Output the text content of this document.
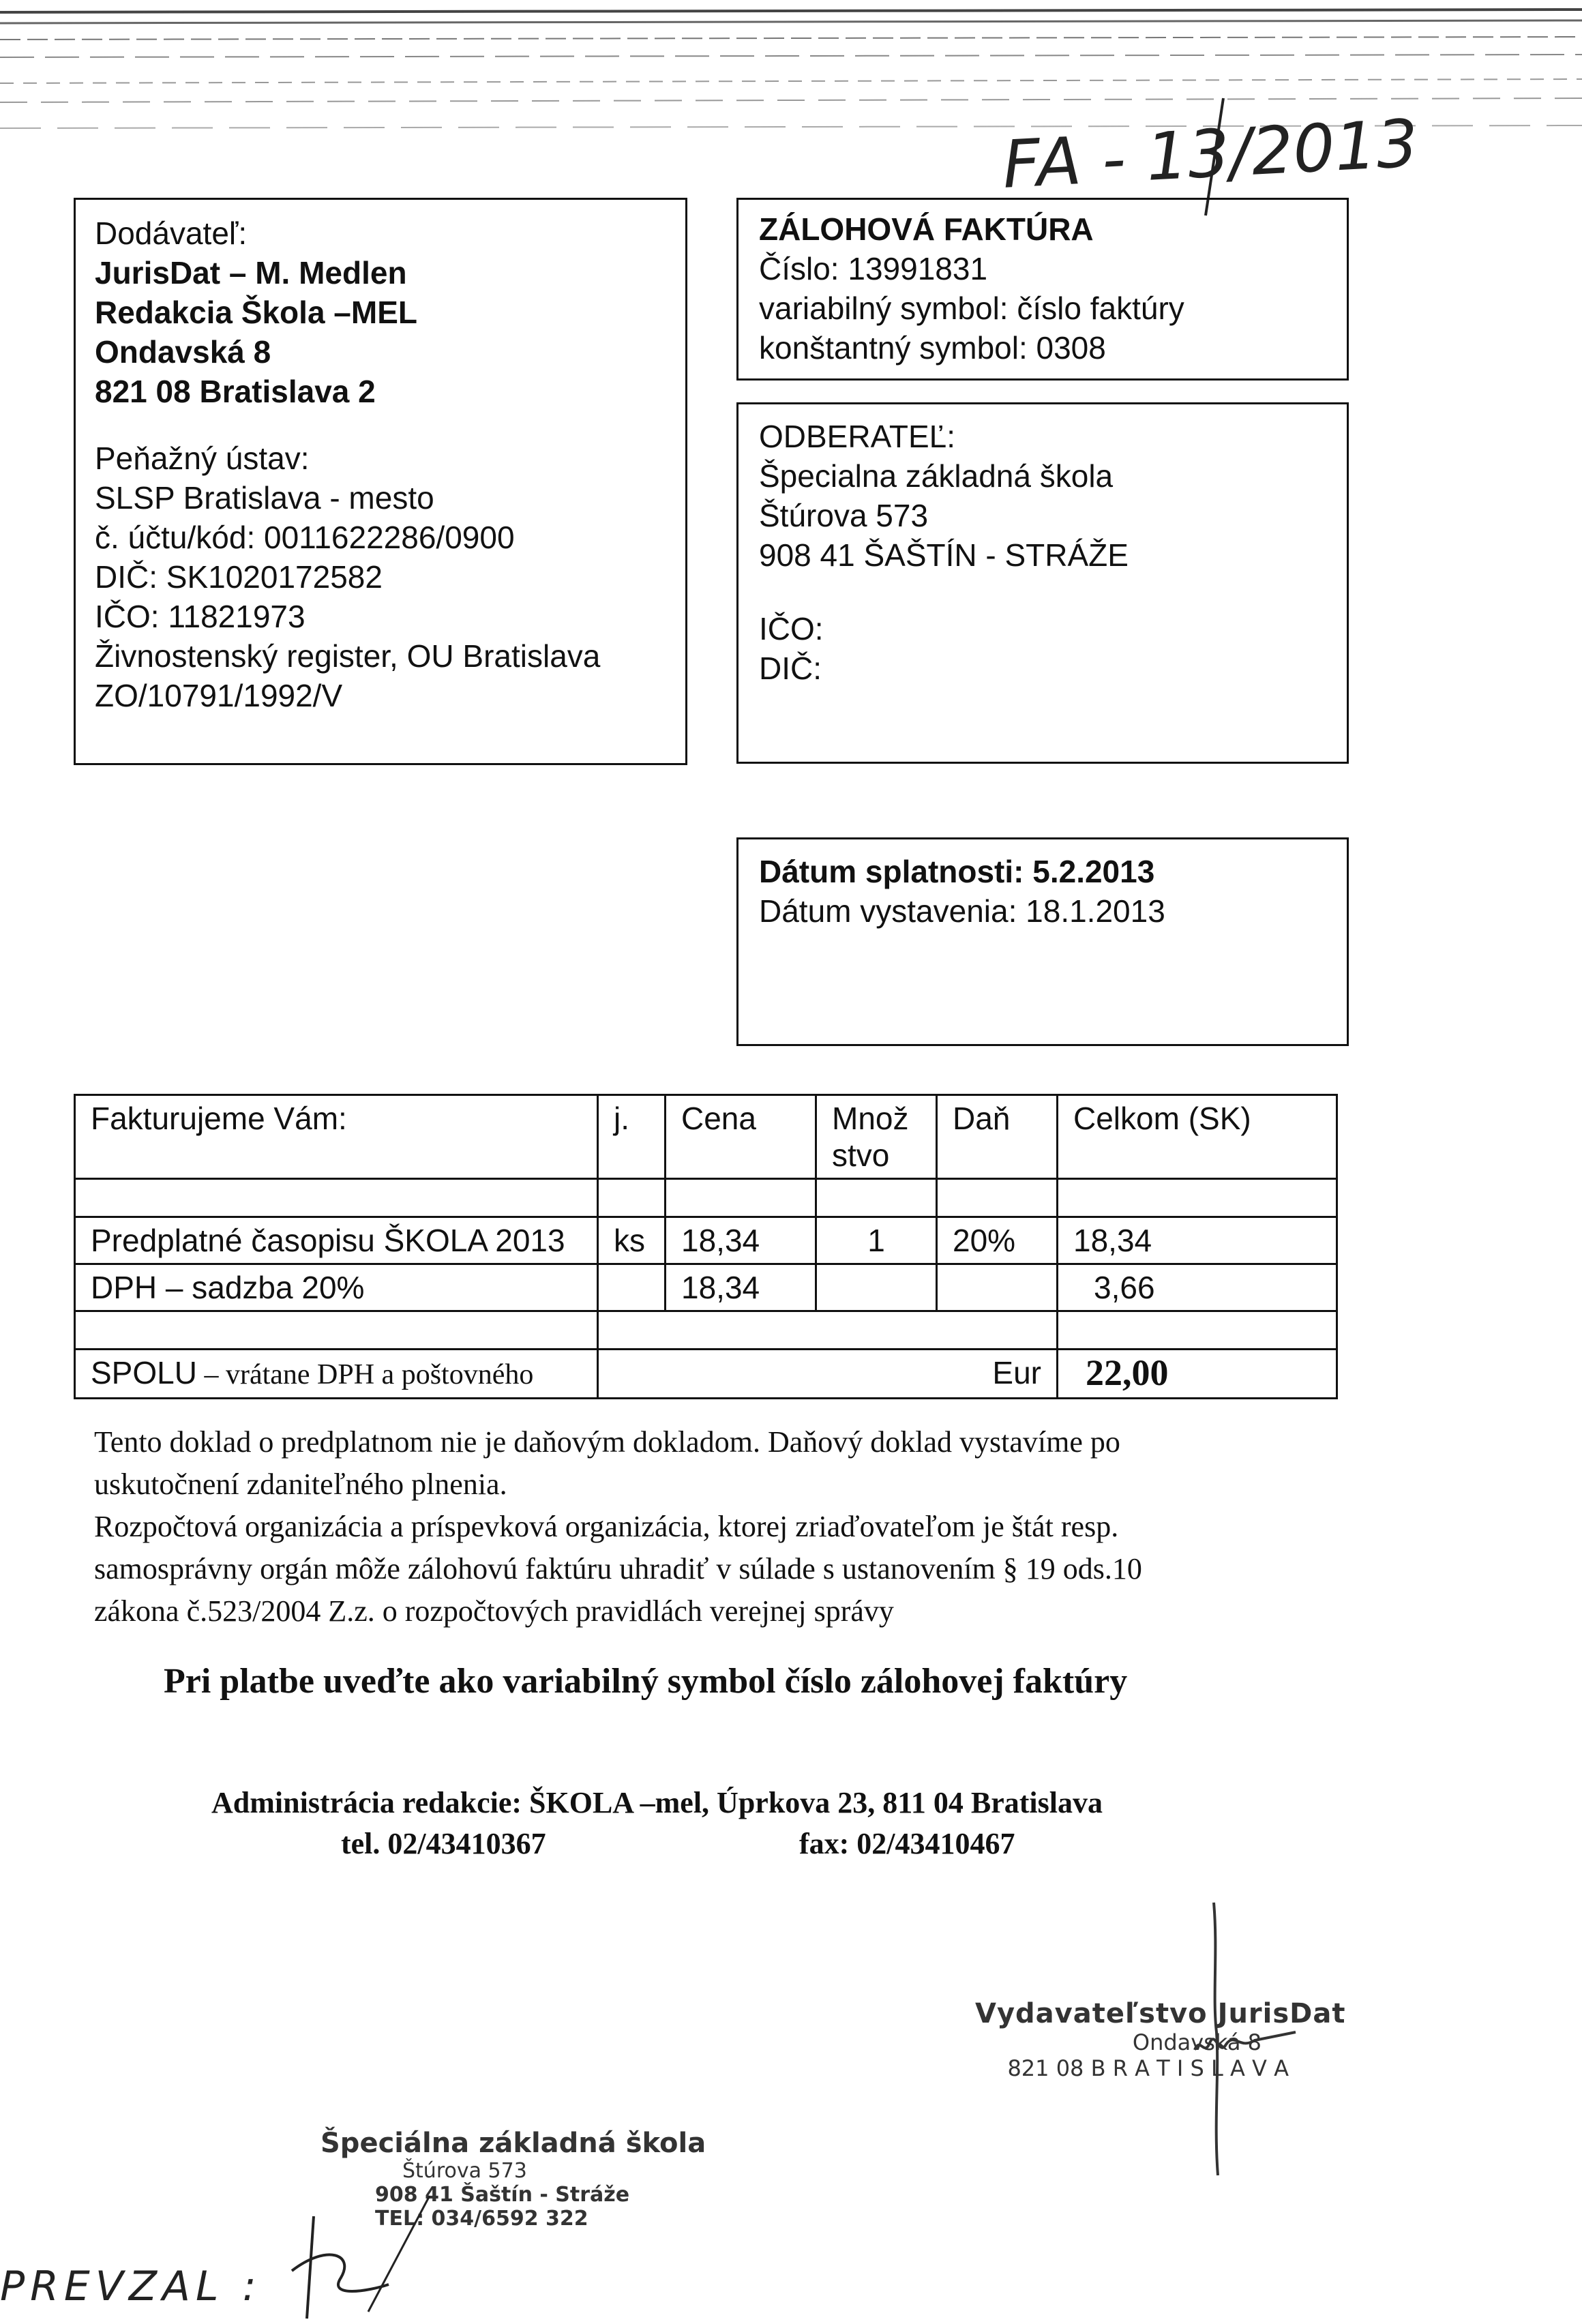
FA - 13/2013
Dodávateľ:
JurisDat – M. Medlen
Redakcia Škola –MEL
Ondavská 8
821 08 Bratislava 2
Peňažný ústav:
SLSP Bratislava - mesto
č. účtu/kód: 0011622286/0900
DIČ: SK1020172582
IČO: 11821973
Živnostenský register, OU Bratislava
ZO/10791/1992/V
ZÁLOHOVÁ FAKTÚRA
Číslo: 13991831
variabilný symbol: číslo faktúry
konštantný symbol: 0308
ODBERATEĽ:
Špecialna základná škola
Štúrova 573
908 41 ŠAŠTÍN - STRÁŽE
IČO:
DIČ:
Dátum splatnosti: 5.2.2013
Dátum vystavenia: 18.1.2013
Fakturujeme Vám:	j.	Cena	Množ stvo	Daň	Celkom (SK)

Predplatné časopisu ŠKOLA 2013	ks	18,34	1	20%	18,34
DPH – sadzba 20%		18,34			3,66

SPOLU – vrátane DPH a poštovného	Eur				22,00
Tento doklad o predplatnom nie je daňovým dokladom. Daňový doklad vystavíme po
uskutočnení zdaniteľného plnenia.
Rozpočtová organizácia a príspevková organizácia, ktorej zriaďovateľom je štát resp.
samosprávny orgán môže zálohovú faktúru uhradiť v súlade s ustanovením § 19 ods.10
zákona č.523/2004 Z.z. o rozpočtových pravidlách verejnej správy
Pri platbe uveďte ako variabilný symbol číslo zálohovej faktúry
Administrácia redakcie: ŠKOLA –mel, Úprkova 23, 811 04 Bratislava
tel. 02/43410367	fax: 02/43410467
Vydavateľstvo JurisDat
Ondavská 8
821 08 B R A T I S L A V A
Špeciálna základná škola
Štúrova 573
908 41 Šaštín - Stráže
TEL: 034/6592 322
PREVZAL :
